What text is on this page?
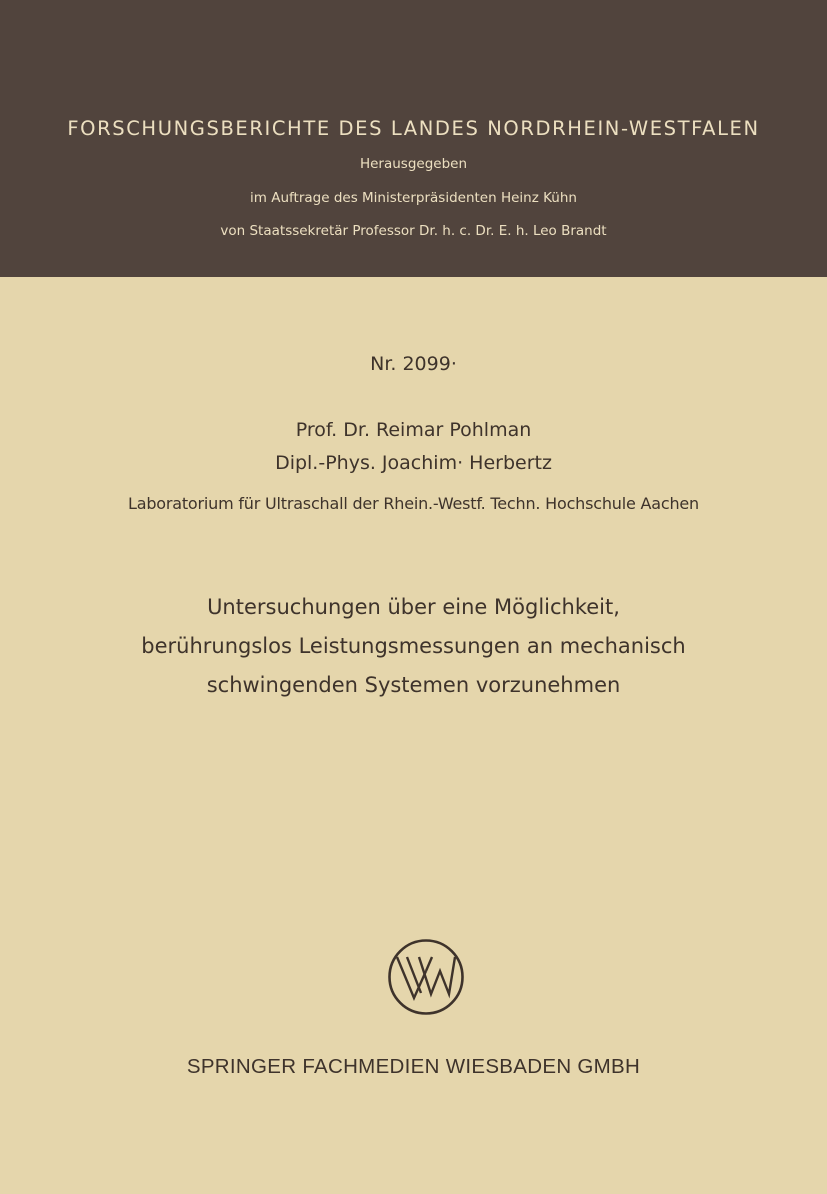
FORSCHUNGSBERICHTE DES LANDES NORDRHEIN-WESTFALEN
Herausgegeben
im Auftrage des Ministerpräsidenten Heinz Kühn
von Staatssekretär Professor Dr. h. c. Dr. E. h. Leo Brandt
Nr. 2099·
Prof. Dr. Reimar Pohlman
Dipl.-Phys. Joachim· Herbertz
Laboratorium für Ultraschall der Rhein.-Westf. Techn. Hochschule Aachen
Untersuchungen über eine Möglichkeit,
berührungslos Leistungsmessungen an mechanisch
schwingenden Systemen vorzunehmen
SPRINGER FACHMEDIEN WIESBADEN GMBH
